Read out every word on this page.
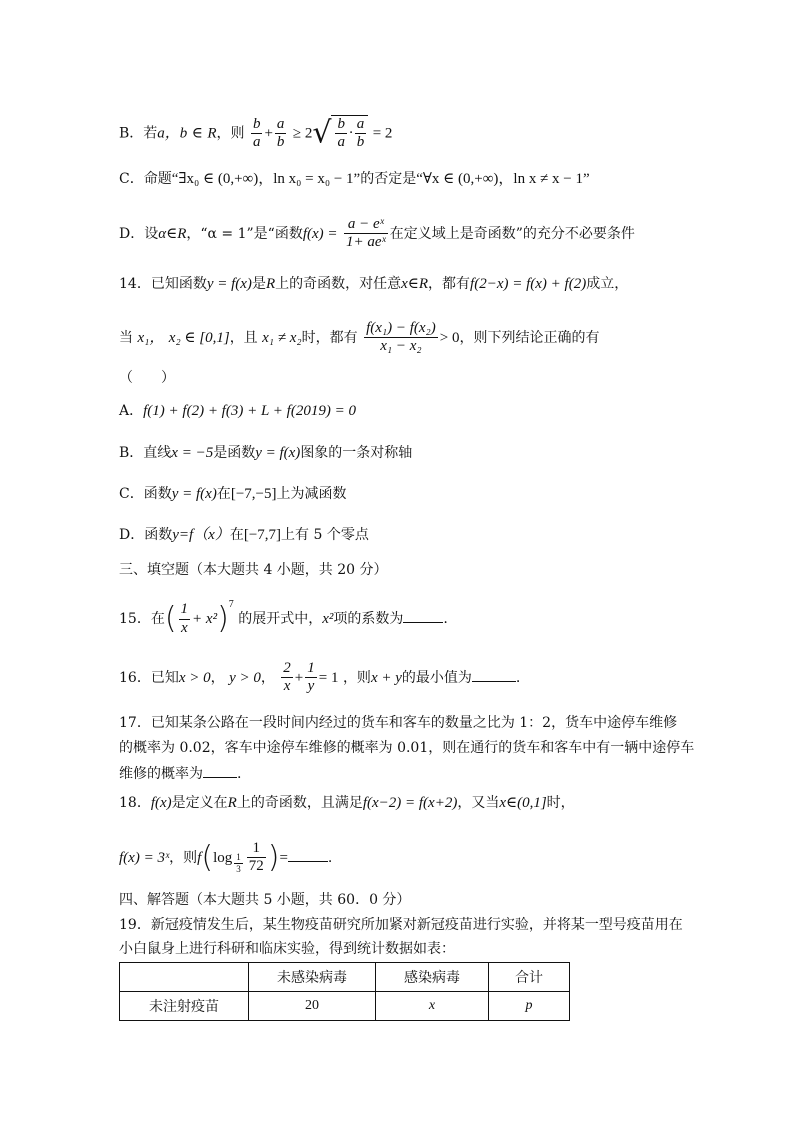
B．若a，b ∈ R，则 $\frac{b}{a} + \frac{a}{b} \ge 2√ \frac{b}{a} \cdot \frac{a}{b} = 2$
C．命题“∃x₀ ∈ (0,+∞)，ln x₀ = x₀ − 1”的否定是“∀x ∈ (0,+∞)，ln x ≠ x − 1”
D．设α∈R，“α = 1”是“函数$f(x) = \frac{\text{a − eˣ}}{\text{1+ aeˣ}}$ 在定义域上是奇函数”的充分不必要条件
14．已知函数y = f(x)是R上的奇函数，对任意x∈R，都有f(2−x) = f(x) + f(2)成立，
当 x₁， x₂ ∈ [0,1]，且 x₁ ≠ x₂时，都有 $\frac{\text{f(x₁) − f(x₂)}}{\text{x₁ − x₂}} > 0$，则下列结论正确的有
（　　）
A．f(1) + f(2) + f(3) + L + f(2019) = 0
B．直线x = −5是函数y = f(x)图象的一条对称轴
C．函数y = f(x)在[−7,−5]上为减函数
D．函数y=f（x）在[−7,7]上有 5 个零点
三、填空题（本大题共 4 小题，共 20 分）
15．在( $\frac{1}{x} + x^2)^7$ 的展开式中，x²项的系数为	.
16．已知x > 0， y > 0， $\frac{2}{x} + \frac{1}{y} = 1$ ，则x + y的最小值为	.
17．已知某条公路在一段时间内经过的货车和客车的数量之比为 1：2，货车中途停车维修
的概率为 0.02，客车中途停车维修的概率为 0.01，则在通行的货车和客车中有一辆中途停车
维修的概率为 .
18．f(x)是定义在R上的奇函数，且满足f(x−2) = f(x+2)，又当x∈(0,1]时，
f(x) = 3ˣ，则$f(\log \frac{1}{3} \frac{1}{72}$ )=	.
四、解答题（本大题共 5 小题，共 60．0 分）
19．新冠疫情发生后，某生物疫苗研究所加紧对新冠疫苗进行实验，并将某一型号疫苗用在
小白鼠身上进行科研和临床实验，得到统计数据如表：
	未感染病毒	感染病毒	合计
未注射疫苗	20	x	p
